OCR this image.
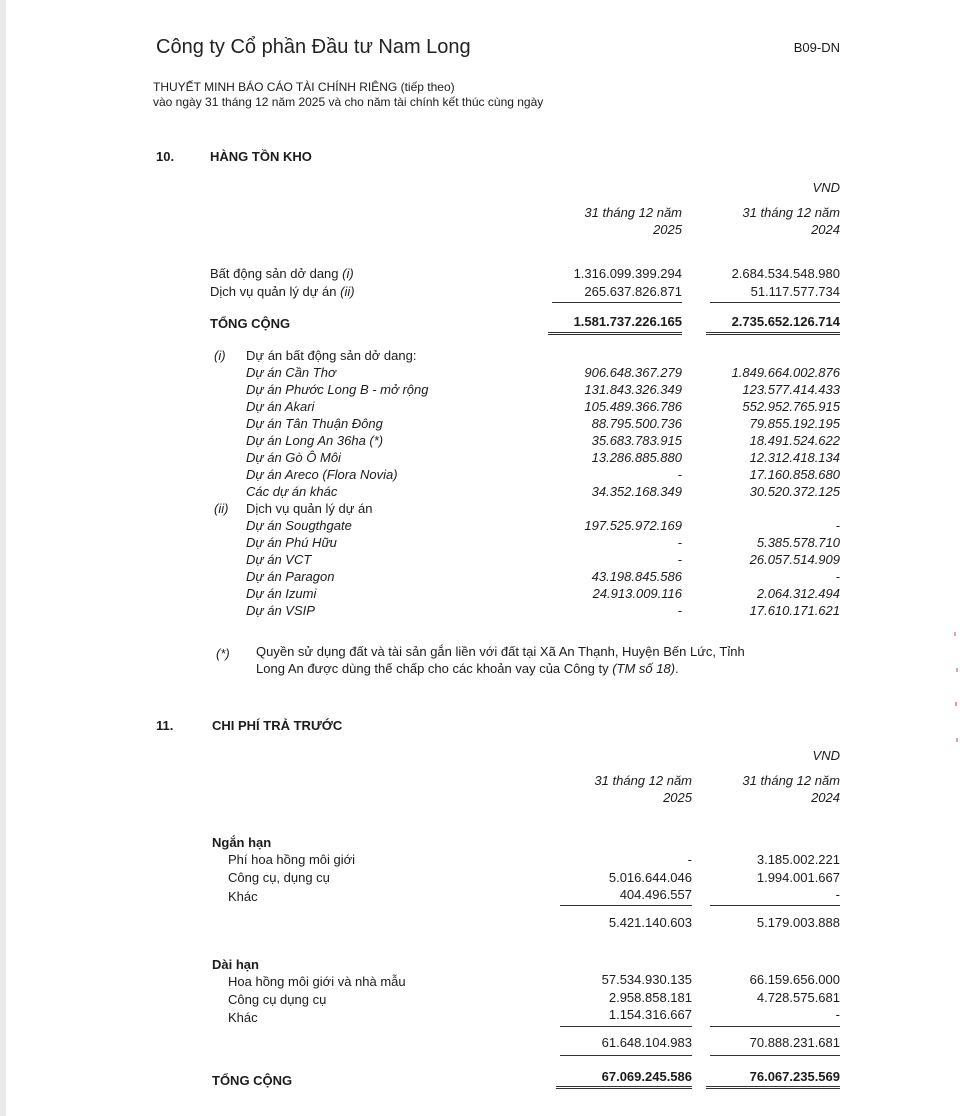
Công ty Cổ phần Đầu tư Nam Long	B09-DN
THUYẾT MINH BÁO CÁO TÀI CHÍNH RIÊNG (tiếp theo)
vào ngày 31 tháng 12 năm 2025 và cho năm tài chính kết thúc cùng ngày
10.	HÀNG TỒN KHO
VND
31 tháng 12 năm
2025
31 tháng 12 năm
2024
Bất động sản dở dang (i)	1.316.099.399.294	2.684.534.548.980
Dịch vụ quản lý dự án (ii)	265.637.826.871	51.117.577.734
TỔNG CỘNG	1.581.737.226.165	2.735.652.126.714
(i) Dự án bất động sản dở dang:
Dự án Cần Thơ	906.648.367.279	1.849.664.002.876
Dự án Phước Long B - mở rộng	131.843.326.349	123.577.414.433
Dự án Akari	105.489.366.786	552.952.765.915
Dự án Tân Thuận Đông	88.795.500.736	79.855.192.195
Dự án Long An 36ha (*)	35.683.783.915	18.491.524.622
Dự án Gò Ô Môi	13.286.885.880	12.312.418.134
Dự án Areco (Flora Novia)	-	17.160.858.680
Các dự án khác	34.352.168.349	30.520.372.125
(ii) Dịch vụ quản lý dự án
Dự án Sougthgate	197.525.972.169	-
Dự án Phú Hữu	-	5.385.578.710
Dự án VCT	-	26.057.514.909
Dự án Paragon	43.198.845.586	-
Dự án Izumi	24.913.009.116	2.064.312.494
Dự án VSIP	-	17.610.171.621
(*) Quyền sử dụng đất và tài sản gắn liền với đất tại Xã An Thạnh, Huyện Bến Lức, Tỉnh
Long An được dùng thế chấp cho các khoản vay của Công ty (TM số 18).
11.	CHI PHÍ TRẢ TRƯỚC
VND
31 tháng 12 năm
2025
31 tháng 12 năm
2024
Ngắn hạn
Phí hoa hồng môi giới	-	3.185.002.221
Công cụ, dụng cụ	5.016.644.046	1.994.001.667
Khác	404.496.557	-
5.421.140.603	5.179.003.888
Dài hạn
Hoa hồng môi giới và nhà mẫu	57.534.930.135	66.159.656.000
Công cụ dụng cụ	2.958.858.181	4.728.575.681
Khác	1.154.316.667	-
61.648.104.983	70.888.231.681
TỔNG CỘNG	67.069.245.586	76.067.235.569
